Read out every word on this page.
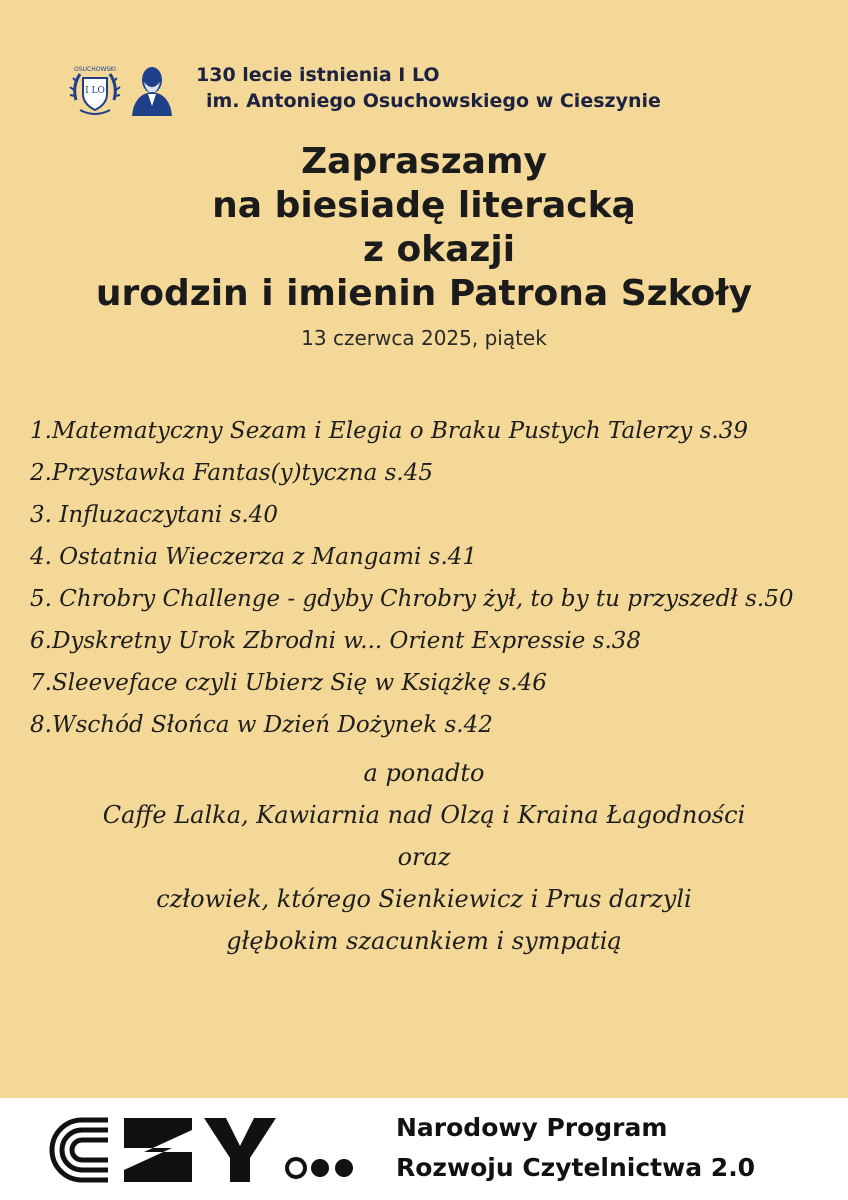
I LO
OSUCHOWSKI	130 lecie istnienia I LO
im. Antoniego Osuchowskiego w Cieszynie
Zapraszamy
na biesiadę literacką
z okazji
urodzin i imienin Patrona Szkoły
13 czerwca 2025, piątek
1.Matematyczny Sezam i Elegia o Braku Pustych Talerzy s.39
2.Przystawka Fantas(y)tyczna s.45
3. Influzaczytani s.40
4. Ostatnia Wieczerza z Mangami s.41
5. Chrobry Challenge - gdyby Chrobry żył, to by tu przyszedł s.50
6.Dyskretny Urok Zbrodni w... Orient Expressie s.38
7.Sleeveface czyli Ubierz Się w Książkę s.46
8.Wschód Słońca w Dzień Dożynek s.42
a ponadto
Caffe Lalka, Kawiarnia nad Olzą i Kraina Łagodności
oraz
człowiek, którego Sienkiewicz i Prus darzyli
głębokim szacunkiem i sympatią
Narodowy Program
Rozwoju Czytelnictwa 2.0
